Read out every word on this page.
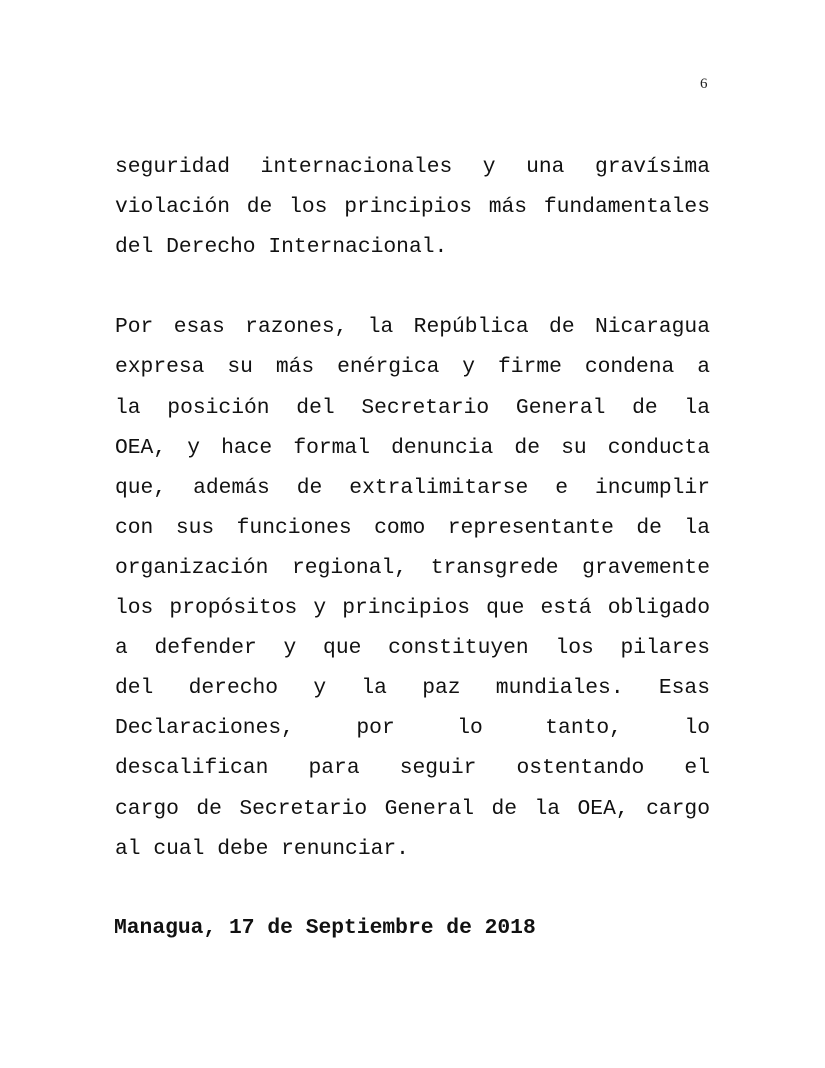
6
seguridad internacionales y una gravísima
violación de los principios más fundamentales
del Derecho Internacional.
Por esas razones, la República de Nicaragua
expresa su más enérgica y firme condena a
la posición del Secretario General de la
OEA, y hace formal denuncia de su conducta
que, además de extralimitarse e incumplir
con sus funciones como representante de la
organización regional, transgrede gravemente
los propósitos y principios que está obligado
a defender y que constituyen los pilares
del derecho y la paz mundiales. Esas
Declaraciones, por lo tanto, lo
descalifican para seguir ostentando el
cargo de Secretario General de la OEA, cargo
al cual debe renunciar.
Managua, 17 de Septiembre de 2018
